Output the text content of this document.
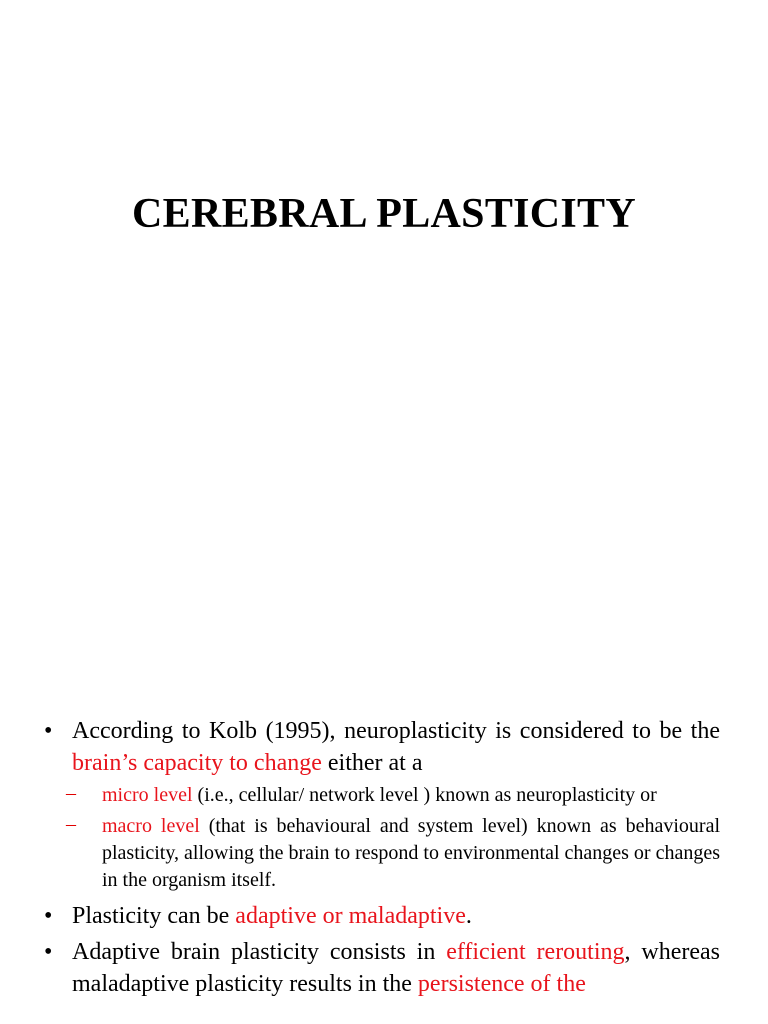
CEREBRAL PLASTICITY
• According to Kolb (1995), neuroplasticity is considered to be the brain’s capacity to change either at a
– micro level (i.e., cellular/ network level ) known as neuroplasticity or
– macro level (that is behavioural and system level) known as behavioural plasticity, allowing the brain to respond to environmental changes or changes in the organism itself.
• Plasticity can be adaptive or maladaptive.
• Adaptive brain plasticity consists in efficient rerouting, whereas maladaptive plasticity results in the persistence of the
